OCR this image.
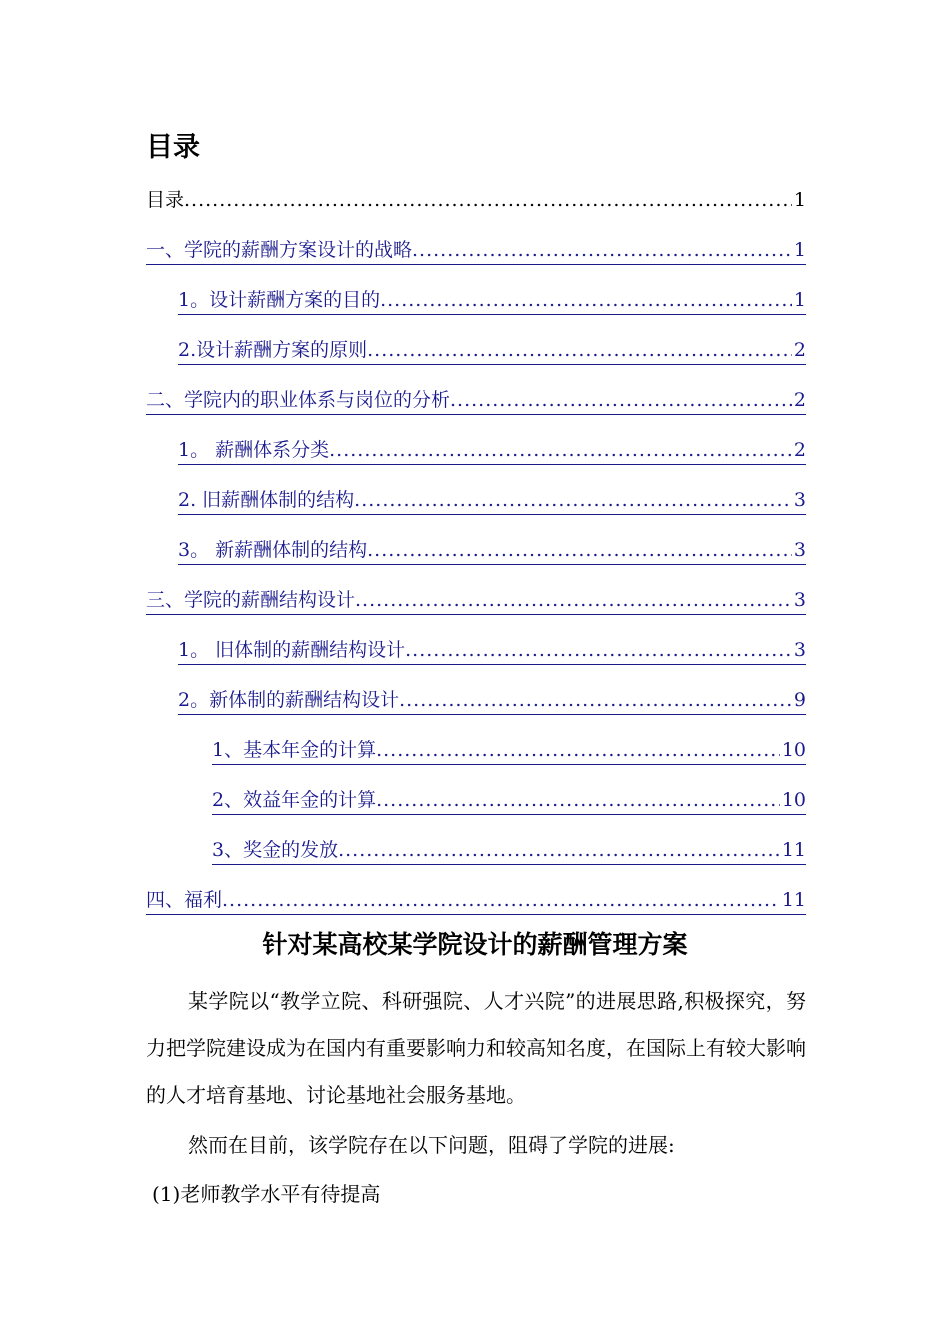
目录
目录 .....	1
一、学院的薪酬方案设计的战略 .....	1
1。设计薪酬方案的目的 .....	1
2.设计薪酬方案的原则 .....	2
二、学院内的职业体系与岗位的分析 .....	2
1。 薪酬体系分类 .....	2
2. 旧薪酬体制的结构 .....	3
3。 新薪酬体制的结构 .....	3
三、学院的薪酬结构设计 .....	3
1。 旧体制的薪酬结构设计 .....	3
2。新体制的薪酬结构设计 .....	9
1、基本年金的计算 .....	10
2、效益年金的计算 .....	10
3、奖金的发放 .....	11
四、福利 .....	11
针对某高校某学院设计的薪酬管理方案

某学院以“教学立院、科研强院、人才兴院”的进展思路,积极探究，努力把学院建设成为在国内有重要影响力和较高知名度，在国际上有较大影响的人才培育基地、讨论基地社会服务基地。

然而在目前，该学院存在以下问题，阻碍了学院的进展:

(1)老师教学水平有待提高
